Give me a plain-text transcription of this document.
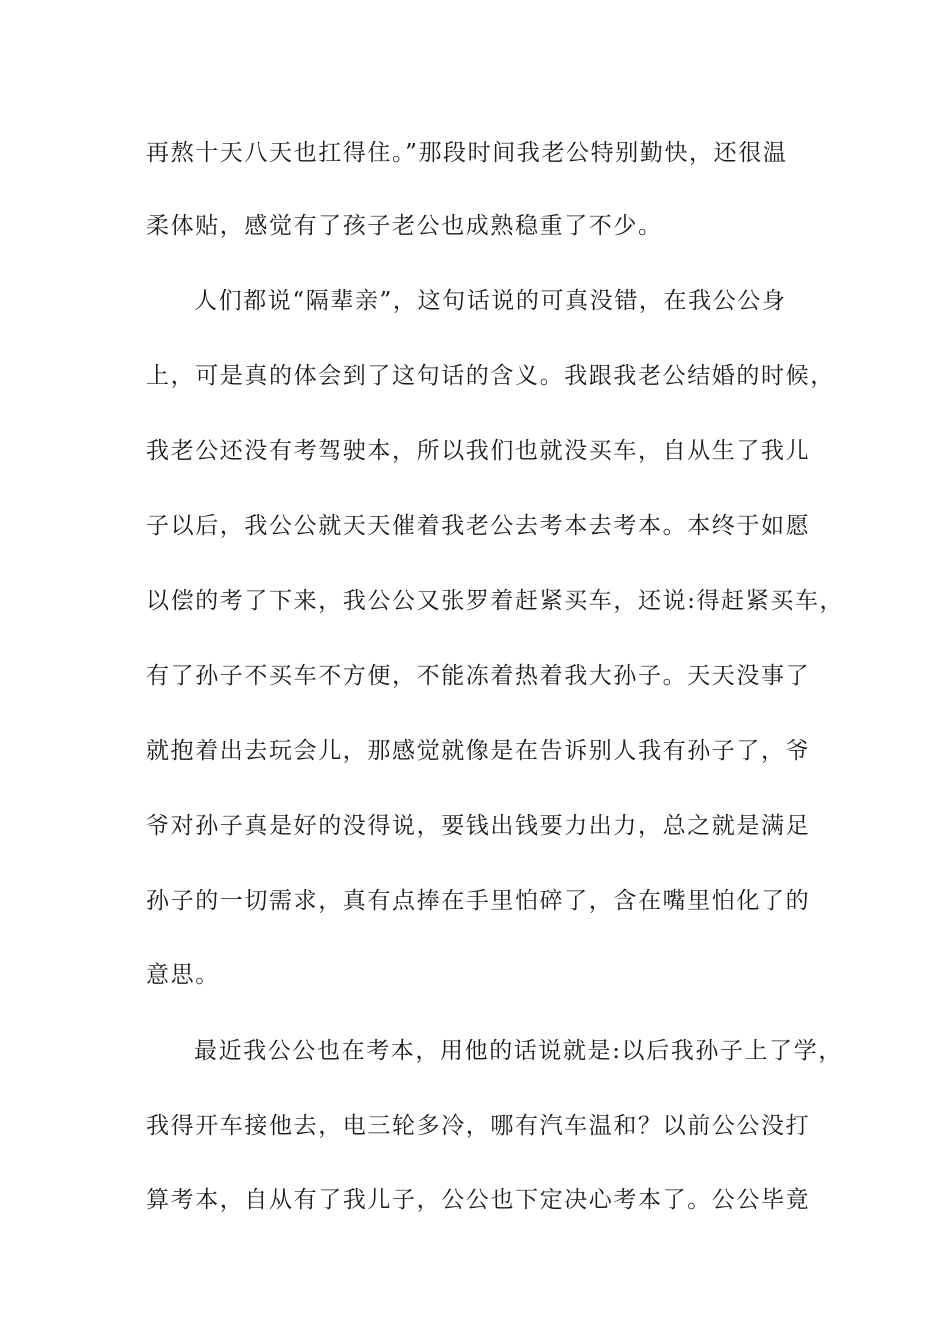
再熬十天八天也扛得住。”那段时间我老公特别勤快，还很温
柔体贴，感觉有了孩子老公也成熟稳重了不少。
人们都说“隔辈亲”，这句话说的可真没错，在我公公身
上，可是真的体会到了这句话的含义。我跟我老公结婚的时候，
我老公还没有考驾驶本，所以我们也就没买车，自从生了我儿
子以后，我公公就天天催着我老公去考本去考本。本终于如愿
以偿的考了下来，我公公又张罗着赶紧买车，还说:得赶紧买车，
有了孙子不买车不方便，不能冻着热着我大孙子。天天没事了
就抱着出去玩会儿，那感觉就像是在告诉别人我有孙子了，爷
爷对孙子真是好的没得说，要钱出钱要力出力，总之就是满足
孙子的一切需求，真有点捧在手里怕碎了，含在嘴里怕化了的
意思。
最近我公公也在考本，用他的话说就是:以后我孙子上了学，
我得开车接他去，电三轮多冷，哪有汽车温和？以前公公没打
算考本，自从有了我儿子，公公也下定决心考本了。公公毕竟
